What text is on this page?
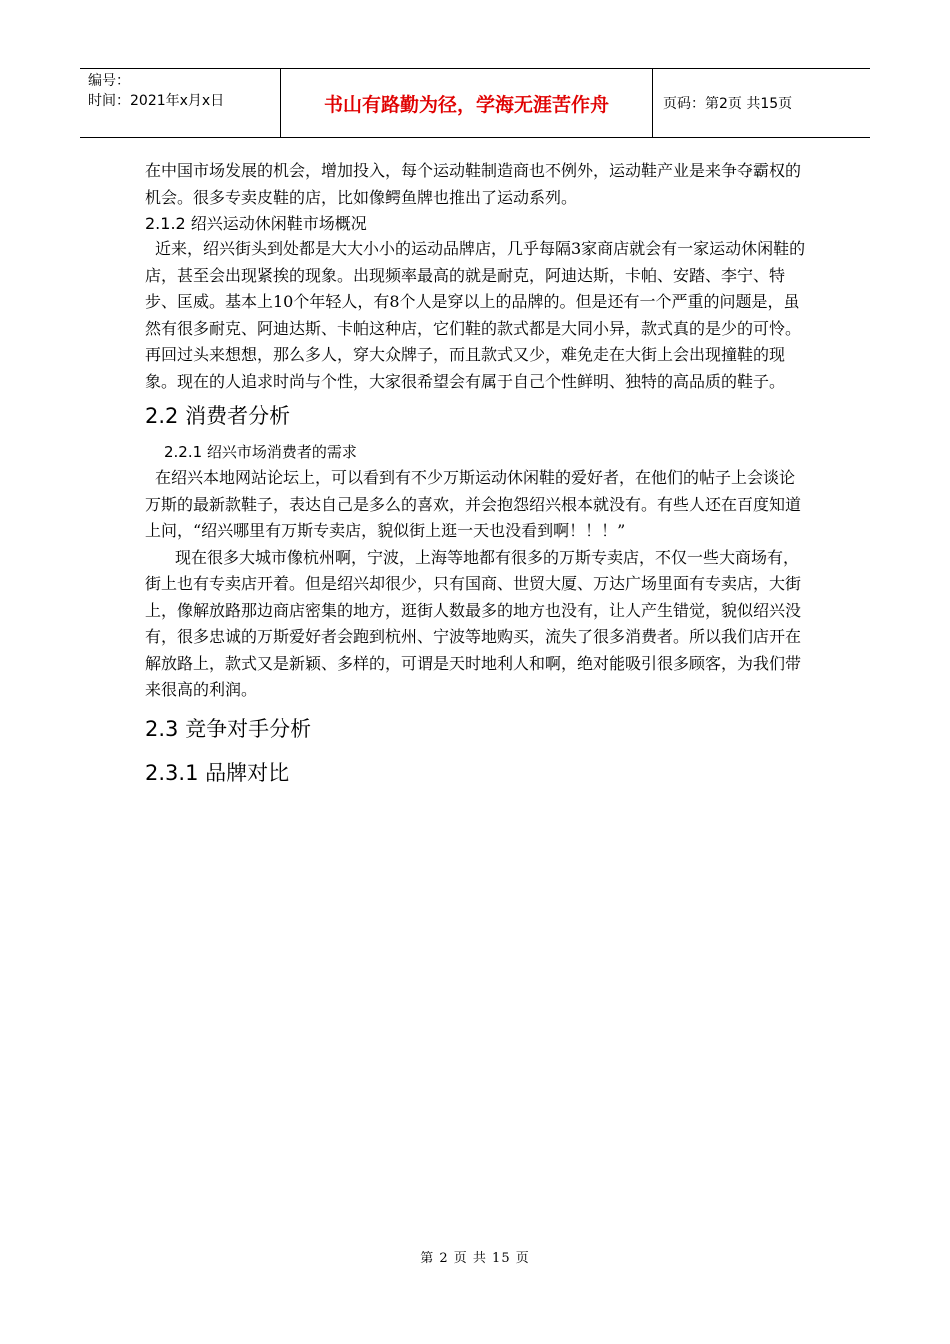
编号：
时间：2021年x月x日	书山有路勤为径，学海无涯苦作舟	页码：第2页 共15页

在中国市场发展的机会，增加投入，每个运动鞋制造商也不例外，运动鞋产业是来争夺霸权的机会。很多专卖皮鞋的店，比如像鳄鱼牌也推出了运动系列。

2.1.2 绍兴运动休闲鞋市场概况

近来，绍兴街头到处都是大大小小的运动品牌店，几乎每隔3家商店就会有一家运动休闲鞋的店，甚至会出现紧挨的现象。出现频率最高的就是耐克，阿迪达斯，卡帕、安踏、李宁、特步、匡威。基本上10个年轻人，有8个人是穿以上的品牌的。但是还有一个严重的问题是，虽然有很多耐克、阿迪达斯、卡帕这种店，它们鞋的款式都是大同小异，款式真的是少的可怜。再回过头来想想，那么多人，穿大众牌子，而且款式又少，难免走在大街上会出现撞鞋的现象。现在的人追求时尚与个性，大家很希望会有属于自己个性鲜明、独特的高品质的鞋子。

2.2 消费者分析

2.2.1 绍兴市场消费者的需求

在绍兴本地网站论坛上，可以看到有不少万斯运动休闲鞋的爱好者，在他们的帖子上会谈论万斯的最新款鞋子，表达自己是多么的喜欢，并会抱怨绍兴根本就没有。有些人还在百度知道上问，“绍兴哪里有万斯专卖店，貌似街上逛一天也没看到啊！！！”

现在很多大城市像杭州啊，宁波，上海等地都有很多的万斯专卖店，不仅一些大商场有，街上也有专卖店开着。但是绍兴却很少，只有国商、世贸大厦、万达广场里面有专卖店，大街上，像解放路那边商店密集的地方，逛街人数最多的地方也没有，让人产生错觉，貌似绍兴没有，很多忠诚的万斯爱好者会跑到杭州、宁波等地购买，流失了很多消费者。所以我们店开在解放路上，款式又是新颖、多样的，可谓是天时地利人和啊，绝对能吸引很多顾客，为我们带来很高的利润。

2.3 竞争对手分析

2.3.1 品牌对比

第 2 页 共 15 页
